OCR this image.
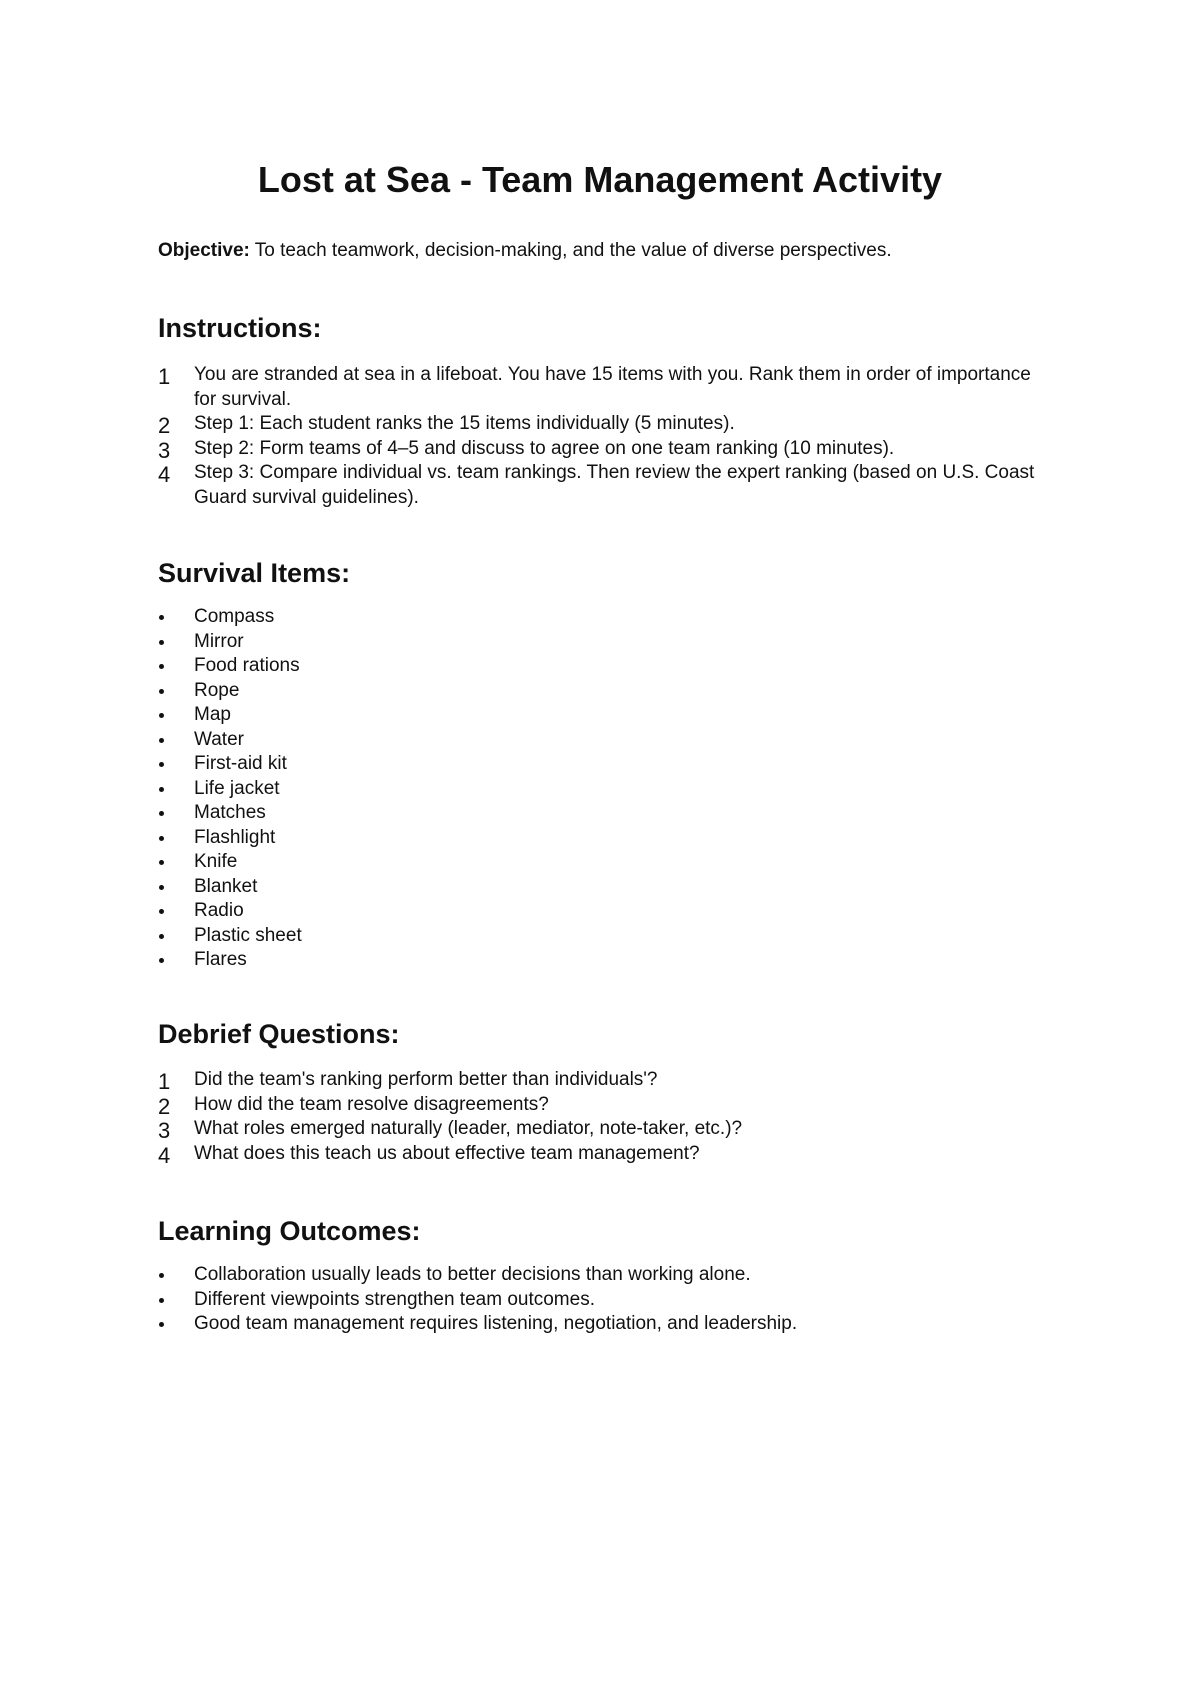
Lost at Sea - Team Management Activity

Objective: To teach teamwork, decision-making, and the value of diverse perspectives.

Instructions:
1 You are stranded at sea in a lifeboat. You have 15 items with you. Rank them in order of importance for survival.
2 Step 1: Each student ranks the 15 items individually (5 minutes).
3 Step 2: Form teams of 4–5 and discuss to agree on one team ranking (10 minutes).
4 Step 3: Compare individual vs. team rankings. Then review the expert ranking (based on U.S. Coast Guard survival guidelines).
Survival Items:
Compass
Mirror
Food rations
Rope
Map
Water
First-aid kit
Life jacket
Matches
Flashlight
Knife
Blanket
Radio
Plastic sheet
Flares
Debrief Questions:
1 Did the team's ranking perform better than individuals'?
2 How did the team resolve disagreements?
3 What roles emerged naturally (leader, mediator, note-taker, etc.)?
4 What does this teach us about effective team management?
Learning Outcomes:
Collaboration usually leads to better decisions than working alone.
Different viewpoints strengthen team outcomes.
Good team management requires listening, negotiation, and leadership.
